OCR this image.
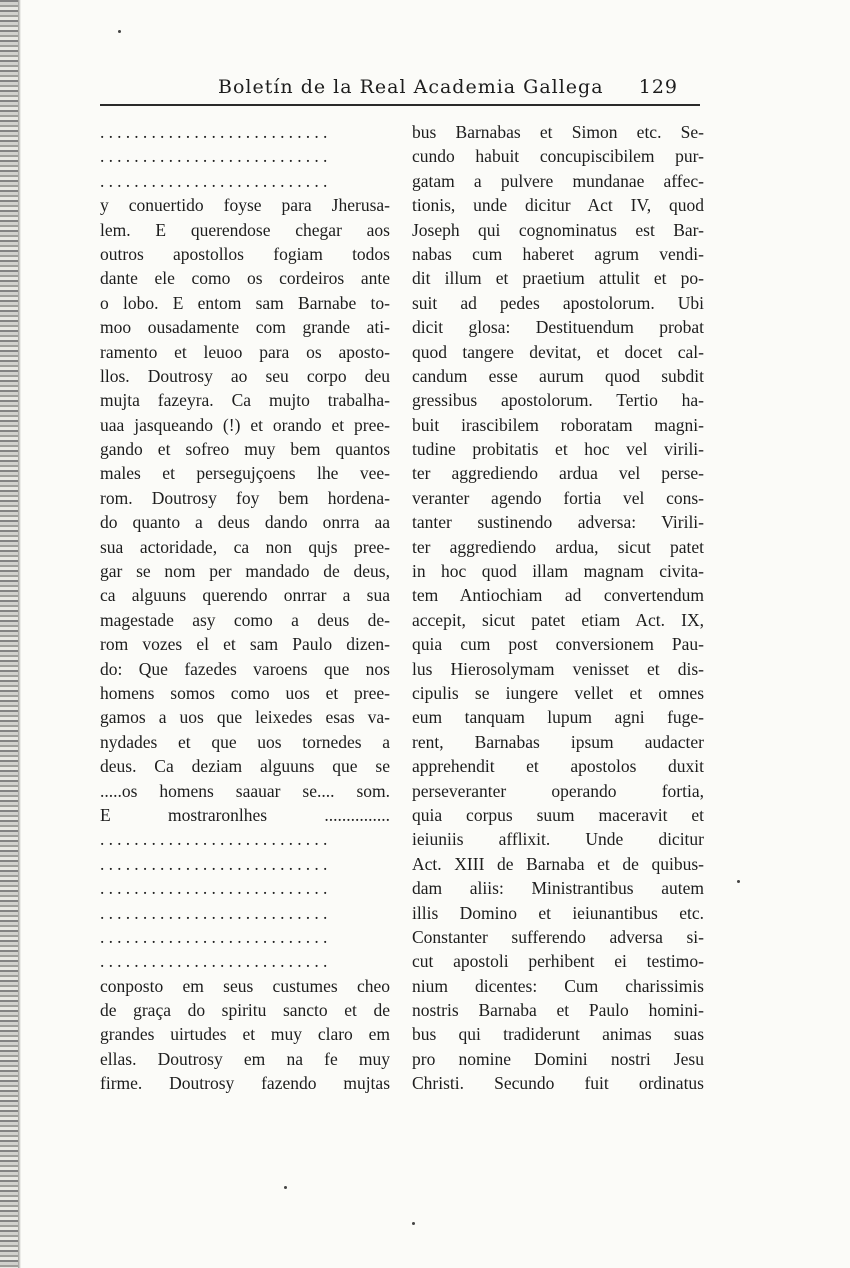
Boletín de la Real Academia Gallega 129
...........................
...........................
...........................
y conuertido foyse para Jherusa-
lem. E querendose chegar aos
outros apostollos fogiam todos
dante ele como os cordeiros ante
o lobo. E entom sam Barnabe to-
moo ousadamente com grande ati-
ramento et leuoo para os aposto-
llos. Doutrosy ao seu corpo deu
mujta fazeyra. Ca mujto trabalha-
uaa jasqueando (!) et orando et pree-
gando et sofreo muy bem quantos
males et persegujçoens lhe vee-
rom. Doutrosy foy bem hordena-
do quanto a deus dando onrra aa
sua actoridade, ca non qujs pree-
gar se nom per mandado de deus,
ca alguuns querendo onrrar a sua
magestade asy como a deus de-
rom vozes el et sam Paulo dizen-
do: Que fazedes varoens que nos
homens somos como uos et pree-
gamos a uos que leixedes esas va-
nydades et que uos tornedes a
deus. Ca deziam alguuns que se
.....os homens saauar se.... som.
E mostraronlhes ...............
...........................
...........................
...........................
...........................
...........................
...........................
conposto em seus custumes cheo
de graça do spiritu sancto et de
grandes uirtudes et muy claro em
ellas. Doutrosy em na fe muy
firme. Doutrosy fazendo mujtas
bus Barnabas et Simon etc. Se-
cundo habuit concupiscibilem pur-
gatam a pulvere mundanae affec-
tionis, unde dicitur Act IV, quod
Joseph qui cognominatus est Bar-
nabas cum haberet agrum vendi-
dit illum et praetium attulit et po-
suit ad pedes apostolorum. Ubi
dicit glosa: Destituendum probat
quod tangere devitat, et docet cal-
candum esse aurum quod subdit
gressibus apostolorum. Tertio ha-
buit irascibilem roboratam magni-
tudine probitatis et hoc vel virili-
ter aggrediendo ardua vel perse-
veranter agendo fortia vel cons-
tanter sustinendo adversa: Virili-
ter aggrediendo ardua, sicut patet
in hoc quod illam magnam civita-
tem Antiochiam ad convertendum
accepit, sicut patet etiam Act. IX,
quia cum post conversionem Pau-
lus Hierosolymam venisset et dis-
cipulis se iungere vellet et omnes
eum tanquam lupum agni fuge-
rent, Barnabas ipsum audacter
apprehendit et apostolos duxit
perseveranter operando fortia,
quia corpus suum maceravit et
ieiuniis afflixit. Unde dicitur
Act. XIII de Barnaba et de quibus-
dam aliis: Ministrantibus autem
illis Domino et ieiunantibus etc.
Constanter sufferendo adversa si-
cut apostoli perhibent ei testimo-
nium dicentes: Cum charissimis
nostris Barnaba et Paulo homini-
bus qui tradiderunt animas suas
pro nomine Domini nostri Jesu
Christi. Secundo fuit ordinatus
